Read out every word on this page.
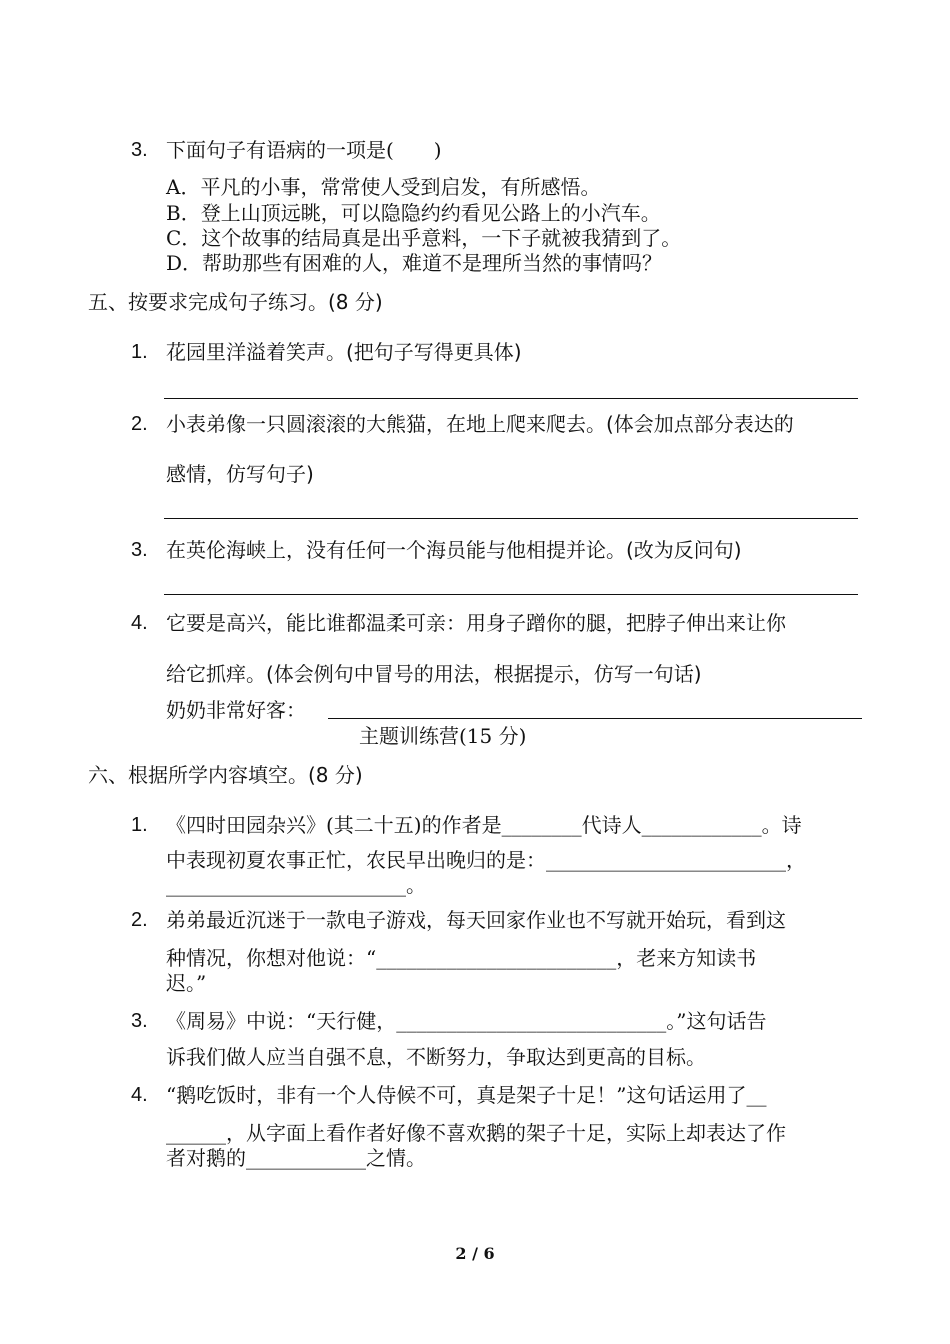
3. 下面句子有语病的一项是(　　)
A．平凡的小事，常常使人受到启发，有所感悟。
B．登上山顶远眺，可以隐隐约约看见公路上的小汽车。
C．这个故事的结局真是出乎意料，一下子就被我猜到了。
D．帮助那些有困难的人，难道不是理所当然的事情吗？
五、按要求完成句子练习。(8 分)
1. 花园里洋溢着笑声。(把句子写得更具体)
2. 小表弟像一只圆滚滚的大熊猫，在地上爬来爬去。(体会加点部分表达的
感情，仿写句子)
3. 在英伦海峡上，没有任何一个海员能与他相提并论。(改为反问句)
4. 它要是高兴，能比谁都温柔可亲：用身子蹭你的腿，把脖子伸出来让你
给它抓痒。(体会例句中冒号的用法，根据提示，仿写一句话)
奶奶非常好客：
主题训练营(15 分)
六、根据所学内容填空。(8 分)
1. 《四时田园杂兴》(其二十五)的作者是________代诗人____________。诗
中表现初夏农事正忙，农民早出晚归的是：________________________，
________________________。
2. 弟弟最近沉迷于一款电子游戏，每天回家作业也不写就开始玩，看到这
种情况，你想对他说：“________________________，老来方知读书
迟。”
3. 《周易》中说：“天行健，___________________________。”这句话告
诉我们做人应当自强不息，不断努力，争取达到更高的目标。
4. “鹅吃饭时，非有一个人侍候不可，真是架子十足！”这句话运用了__
______，从字面上看作者好像不喜欢鹅的架子十足，实际上却表达了作
者对鹅的____________之情。
2 / 6
